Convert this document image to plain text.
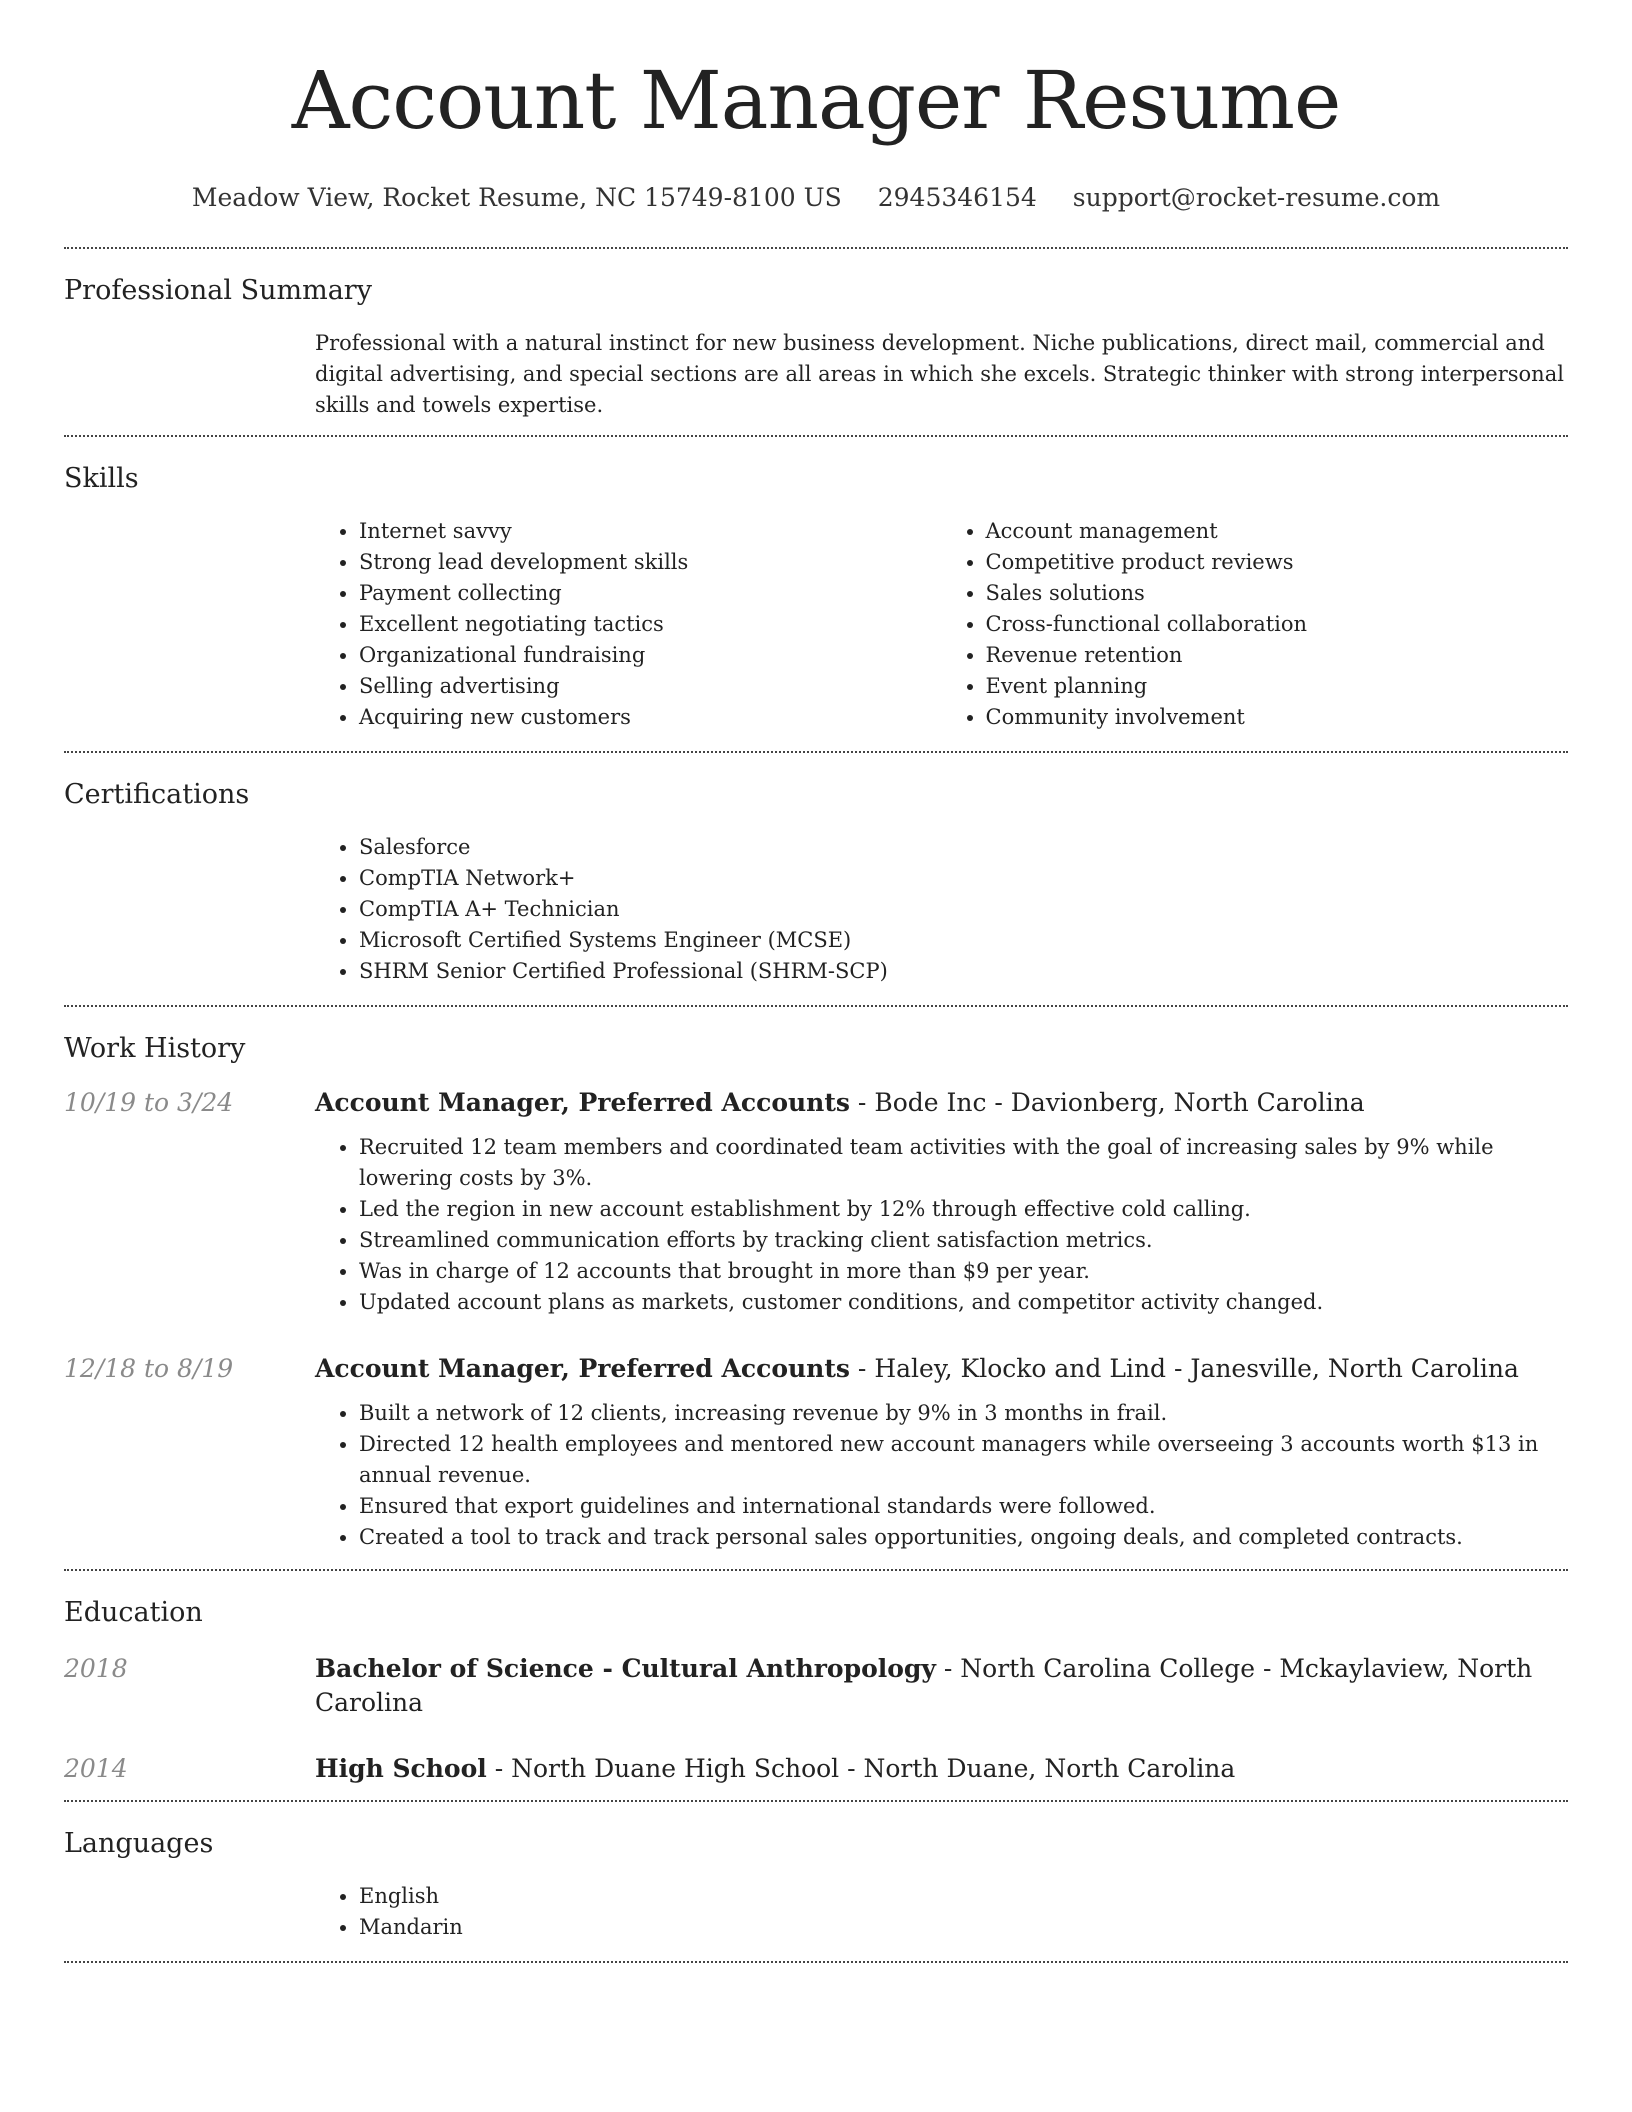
Account Manager Resume
Meadow View, Rocket Resume, NC 15749-8100 US 2945346154 support@rocket-resume.com
Professional Summary
Professional with a natural instinct for new business development. Niche publications, direct mail, commercial and digital advertising, and special sections are all areas in which she excels. Strategic thinker with strong interpersonal skills and towels expertise.
Skills
• Internet savvy
• Strong lead development skills
• Payment collecting
• Excellent negotiating tactics
• Organizational fundraising
• Selling advertising
• Acquiring new customers
• Account management
• Competitive product reviews
• Sales solutions
• Cross-functional collaboration
• Revenue retention
• Event planning
• Community involvement
Certifications
• Salesforce
• CompTIA Network+
• CompTIA A+ Technician
• Microsoft Certified Systems Engineer (MCSE)
• SHRM Senior Certified Professional (SHRM-SCP)
Work History
10/19 to 3/24	Account Manager, Preferred Accounts - Bode Inc - Davionberg, North Carolina
• Recruited 12 team members and coordinated team activities with the goal of increasing sales by 9% while lowering costs by 3%.
• Led the region in new account establishment by 12% through effective cold calling.
• Streamlined communication efforts by tracking client satisfaction metrics.
• Was in charge of 12 accounts that brought in more than $9 per year.
• Updated account plans as markets, customer conditions, and competitor activity changed.
12/18 to 8/19	Account Manager, Preferred Accounts - Haley, Klocko and Lind - Janesville, North Carolina
• Built a network of 12 clients, increasing revenue by 9% in 3 months in frail.
• Directed 12 health employees and mentored new account managers while overseeing 3 accounts worth $13 in annual revenue.
• Ensured that export guidelines and international standards were followed.
• Created a tool to track and track personal sales opportunities, ongoing deals, and completed contracts.
Education
2018	Bachelor of Science - Cultural Anthropology - North Carolina College - Mckaylaview, North Carolina
2014	High School - North Duane High School - North Duane, North Carolina
Languages
• English
• Mandarin
